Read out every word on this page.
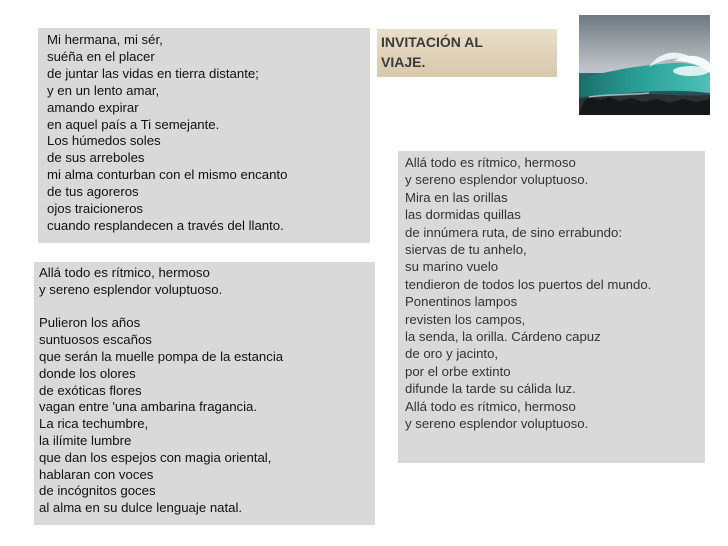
Mi hermana, mi sér,
suéña en el placer
de juntar las vidas en tierra distante;
y en un lento amar,
amando expirar
en aquel país a Ti semejante.
Los húmedos soles
de sus arreboles
mi alma conturban con el mismo encanto
de tus agoreros
ojos traicioneros
cuando resplandecen a través del llanto.
Allá todo es rítmico, hermoso
y sereno esplendor voluptuoso.
Pulieron los años
suntuosos escaños
que serán la muelle pompa de la estancia
donde los olores
de exóticas flores
vagan entre 'una ambarina fragancia.
La rica techumbre,
la ilímite lumbre
que dan los espejos con magia oriental,
hablaran con voces
de incógnitos goces
al alma en su dulce lenguaje natal.
INVITACIÓN AL
VIAJE.
Allá todo es rítmico, hermoso
y sereno esplendor voluptuoso.
Mira en las orillas
las dormidas quillas
de innúmera ruta, de sino errabundo:
siervas de tu anhelo,
su marino vuelo
tendieron de todos los puertos del mundo.
Ponentinos lampos
revisten los campos,
la senda, la orilla. Cárdeno capuz
de oro y jacinto,
por el orbe extinto
difunde la tarde su cálida luz.
Allá todo es rítmico, hermoso
y sereno esplendor voluptuoso.
